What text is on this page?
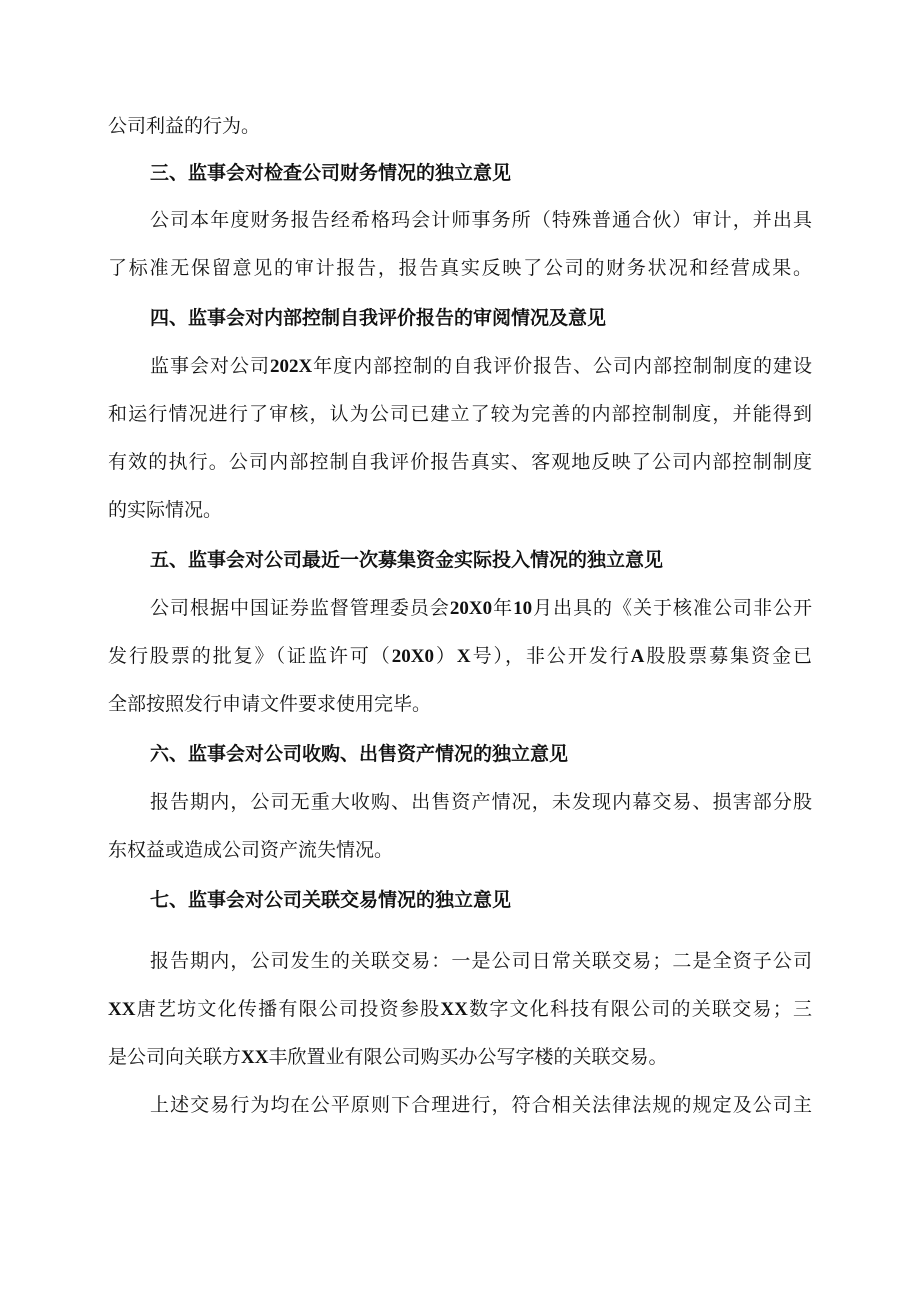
公司利益的行为。
三、监事会对检查公司财务情况的独立意见
公司本年度财务报告经希格玛会计师事务所（特殊普通合伙）审计，并出具
了标准无保留意见的审计报告，报告真实反映了公司的财务状况和经营成果。
四、监事会对内部控制自我评价报告的审阅情况及意见
监事会对公司202X年度内部控制的自我评价报告、公司内部控制制度的建设
和运行情况进行了审核，认为公司已建立了较为完善的内部控制制度，并能得到
有效的执行。公司内部控制自我评价报告真实、客观地反映了公司内部控制制度
的实际情况。
五、监事会对公司最近一次募集资金实际投入情况的独立意见
公司根据中国证券监督管理委员会20X0年10月出具的《关于核准公司非公开
发行股票的批复》（证监许可（20X0）X号），非公开发行A股股票募集资金已
全部按照发行申请文件要求使用完毕。
六、监事会对公司收购、出售资产情况的独立意见
报告期内，公司无重大收购、出售资产情况，未发现内幕交易、损害部分股
东权益或造成公司资产流失情况。
七、监事会对公司关联交易情况的独立意见
报告期内，公司发生的关联交易：一是公司日常关联交易；二是全资子公司
XX唐艺坊文化传播有限公司投资参股XX数字文化科技有限公司的关联交易；三
是公司向关联方XX丰欣置业有限公司购买办公写字楼的关联交易。
上述交易行为均在公平原则下合理进行，符合相关法律法规的规定及公司主
